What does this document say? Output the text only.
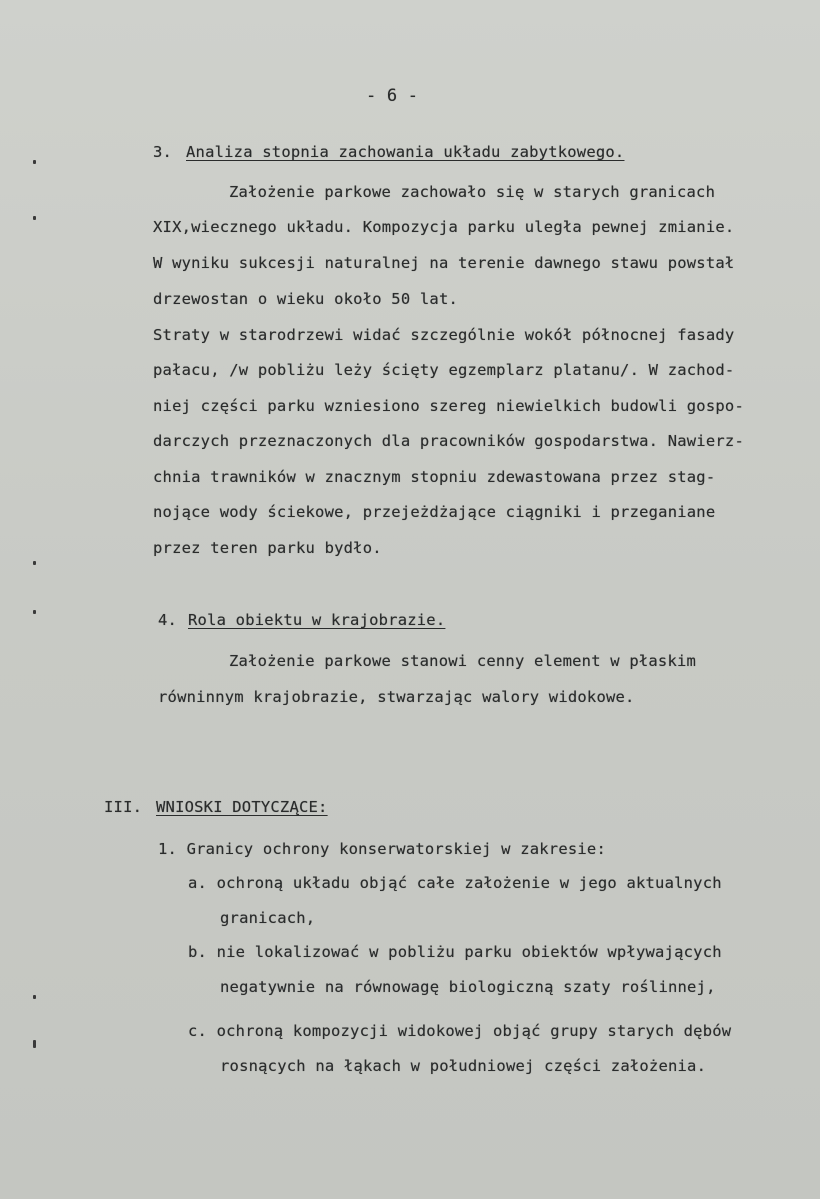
- 6 -
3. Analiza stopnia zachowania układu zabytkowego.
Założenie parkowe zachowało się w starych granicach
XIX,wiecznego układu. Kompozycja parku uległa pewnej zmianie.
W wyniku sukcesji naturalnej na terenie dawnego stawu powstał
drzewostan o wieku około 50 lat.
Straty w starodrzewi widać szczególnie wokół północnej fasady
pałacu, /w pobliżu leży ścięty egzemplarz platanu/. W zachod-
niej części parku wzniesiono szereg niewielkich budowli gospo-
darczych przeznaczonych dla pracowników gospodarstwa. Nawierz-
chnia trawników w znacznym stopniu zdewastowana przez stag-
nojące wody ściekowe, przejeżdżające ciągniki i przeganiane
przez teren parku bydło.
4. Rola obiektu w krajobrazie.
Założenie parkowe stanowi cenny element w płaskim
równinnym krajobrazie, stwarzając walory widokowe.
III. WNIOSKI DOTYCZĄCE:
1. Granicy ochrony konserwatorskiej w zakresie:
a. ochroną układu objąć całe założenie w jego aktualnych
granicach,
b. nie lokalizować w pobliżu parku obiektów wpływających
negatywnie na równowagę biologiczną szaty roślinnej,
c. ochroną kompozycji widokowej objąć grupy starych dębów
rosnących na łąkach w południowej części założenia.
